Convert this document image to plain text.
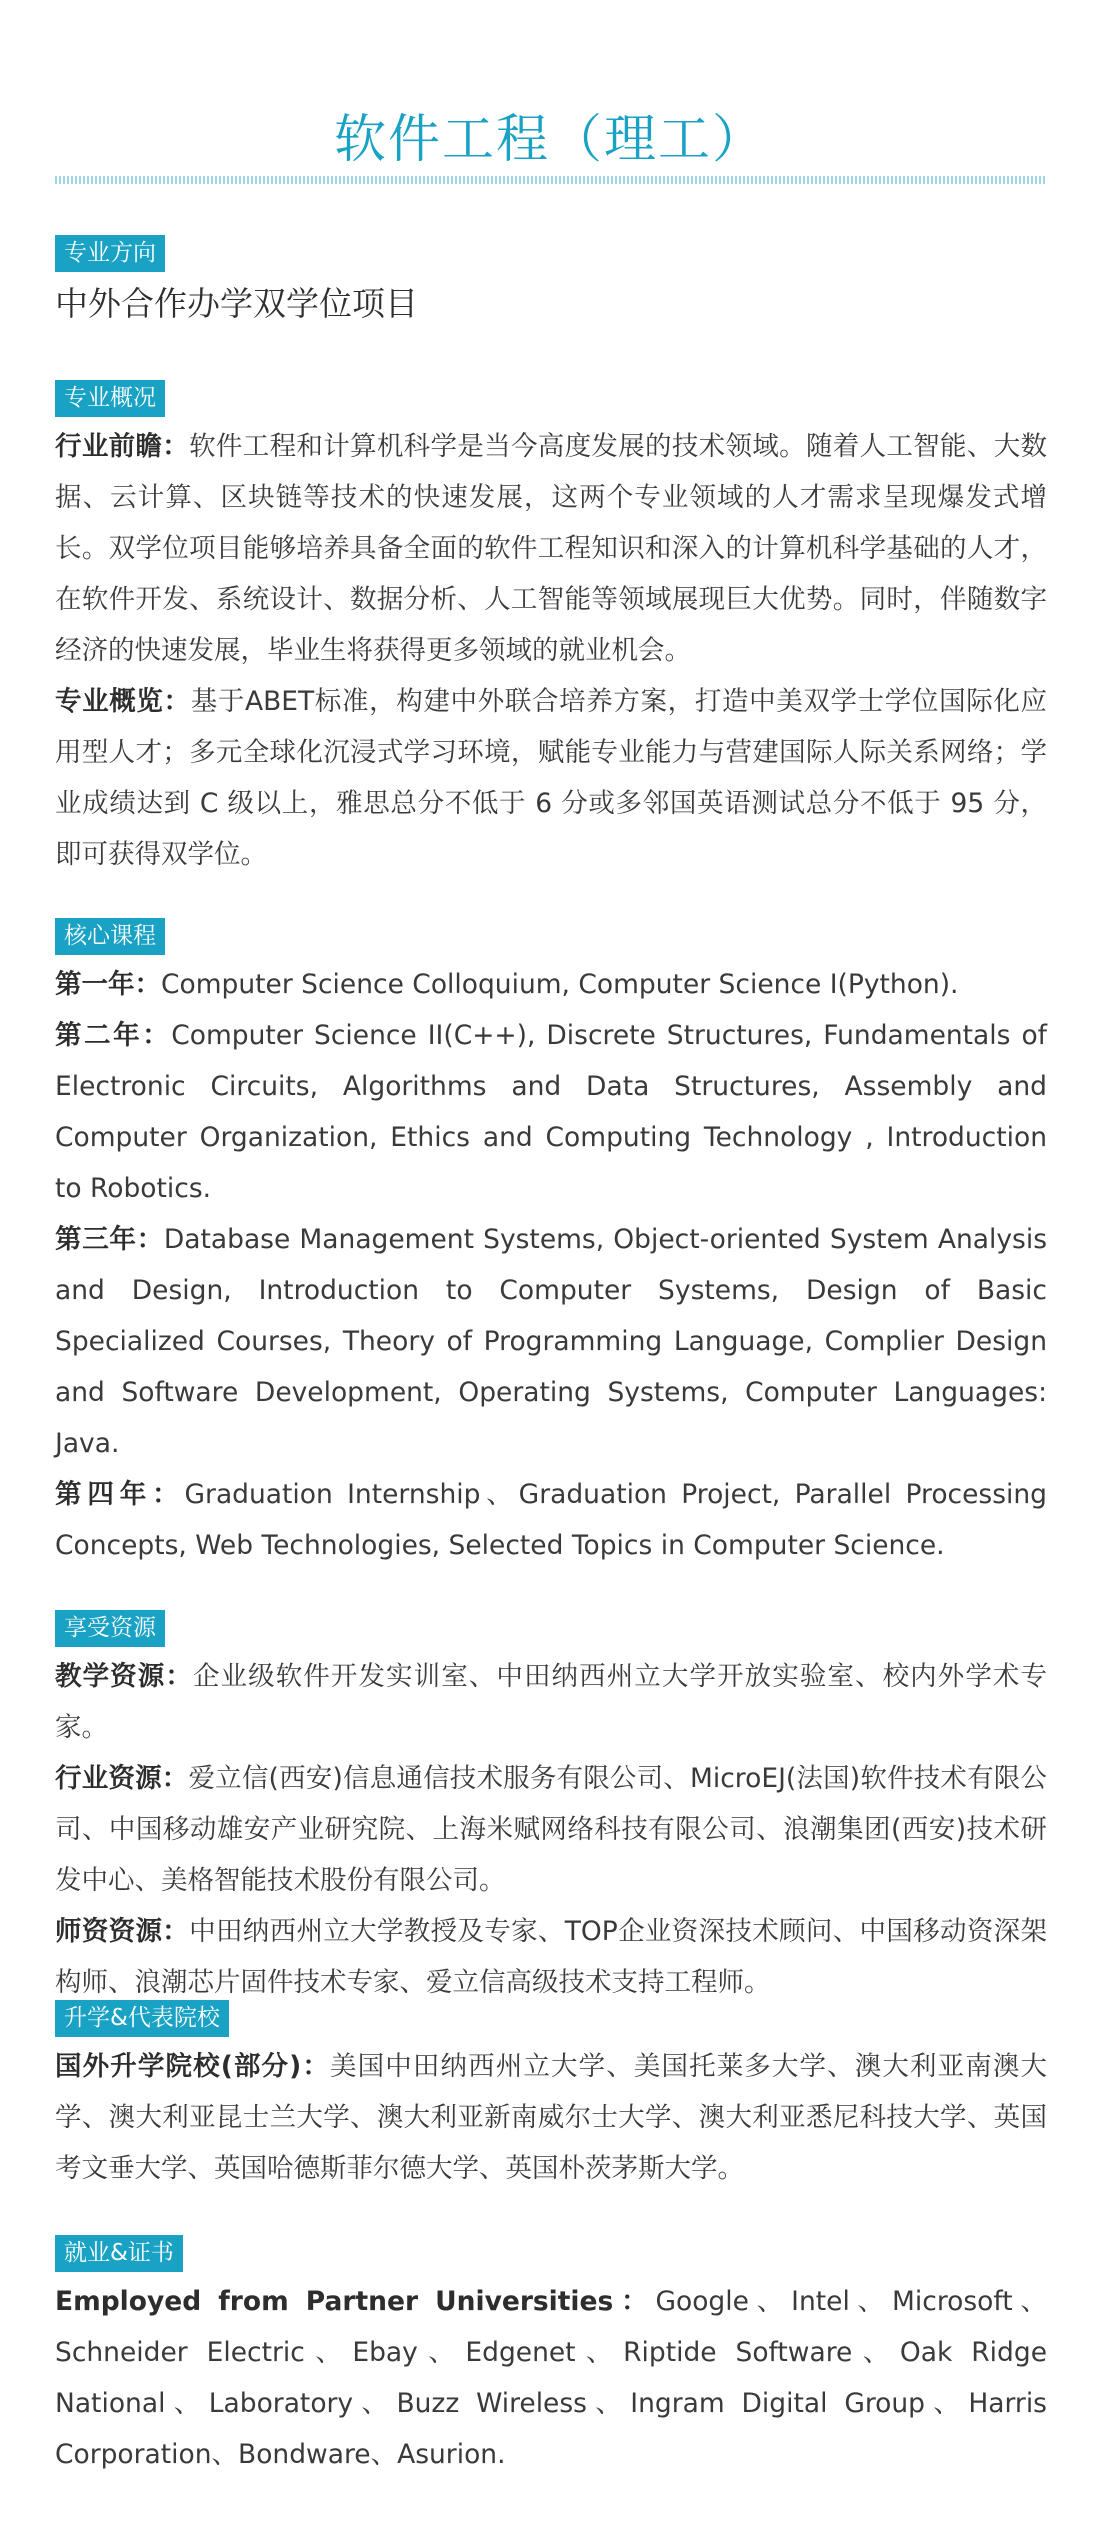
软件工程（理工）
专业方向
中外合作办学双学位项目
专业概况
行业前瞻：软件工程和计算机科学是当今高度发展的技术领域。随着人工智能、大数据、云计算、区块链等技术的快速发展，这两个专业领域的人才需求呈现爆发式增长。双学位项目能够培养具备全面的软件工程知识和深入的计算机科学基础的人才，在软件开发、系统设计、数据分析、人工智能等领域展现巨大优势。同时，伴随数字经济的快速发展，毕业生将获得更多领域的就业机会。
专业概览：基于ABET标准，构建中外联合培养方案，打造中美双学士学位国际化应用型人才；多元全球化沉浸式学习环境，赋能专业能力与营建国际人际关系网络；学业成绩达到 C 级以上，雅思总分不低于 6 分或多邻国英语测试总分不低于 95 分，即可获得双学位。
核心课程
第一年：Computer Science Colloquium, Computer Science I(Python).
第二年：Computer Science II(C++), Discrete Structures, Fundamentals of Electronic Circuits, Algorithms and Data Structures, Assembly and Computer Organization, Ethics and Computing Technology , Introduction to Robotics.
第三年：Database Management Systems, Object-oriented System Analysis and Design, Introduction to Computer Systems, Design of Basic Specialized Courses, Theory of Programming Language, Complier Design and Software Development, Operating Systems, Computer Languages: Java.
第四年：Graduation Internship、Graduation Project, Parallel Processing Concepts, Web Technologies, Selected Topics in Computer Science.
享受资源
教学资源：企业级软件开发实训室、中田纳西州立大学开放实验室、校内外学术专家。
行业资源：爱立信(西安)信息通信技术服务有限公司、MicroEJ(法国)软件技术有限公司、中国移动雄安产业研究院、上海米赋网络科技有限公司、浪潮集团(西安)技术研发中心、美格智能技术股份有限公司。
师资资源：中田纳西州立大学教授及专家、TOP企业资深技术顾问、中国移动资深架构师、浪潮芯片固件技术专家、爱立信高级技术支持工程师。
升学&代表院校
国外升学院校(部分)：美国中田纳西州立大学、美国托莱多大学、澳大利亚南澳大学、澳大利亚昆士兰大学、澳大利亚新南威尔士大学、澳大利亚悉尼科技大学、英国考文垂大学、英国哈德斯菲尔德大学、英国朴茨茅斯大学。
就业&证书
Employed from Partner Universities：Google、Intel、Microsoft、Schneider Electric、Ebay、Edgenet、Riptide Software、Oak Ridge National、Laboratory、Buzz Wireless、Ingram Digital Group、Harris Corporation、Bondware、Asurion.
